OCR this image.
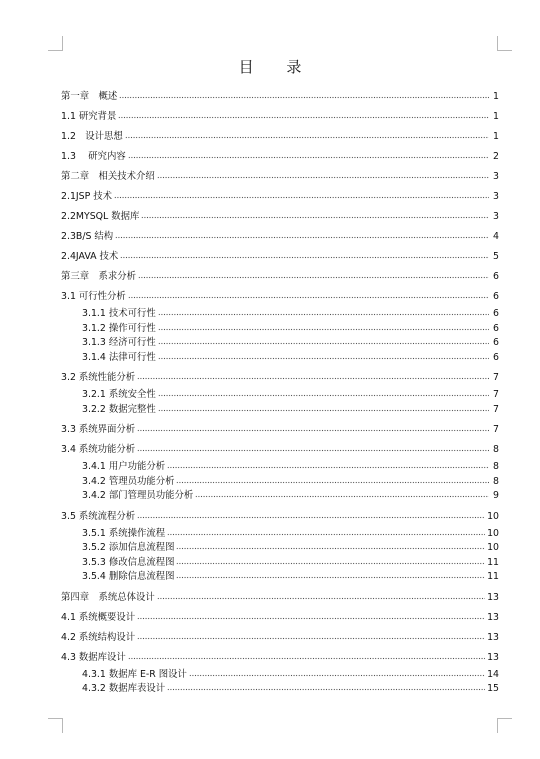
目 录
第一章　概述	1
1.1 研究背景	1
1.2　设计思想	1
1.3　 研究内容	2
第二章　相关技术介绍	3
2.1JSP 技术	3
2.2MYSQL 数据库	3
2.3B/S 结构	4
2.4JAVA 技术	5
第三章　系求分析	6
3.1 可行性分析	6
3.1.1 技术可行性	6
3.1.2 操作可行性	6
3.1.3 经济可行性	6
3.1.4 法律可行性	6
3.2 系统性能分析	7
3.2.1 系统安全性	7
3.2.2 数据完整性	7
3.3 系统界面分析	7
3.4 系统功能分析	8
3.4.1 用户功能分析	8
3.4.2 管理员功能分析	8
3.4.2 部门管理员功能分析	9
3.5 系统流程分析	10
3.5.1 系统操作流程	10
3.5.2 添加信息流程图	10
3.5.3 修改信息流程图	11
3.5.4 删除信息流程图	11
第四章　系统总体设计	13
4.1 系统概要设计	13
4.2 系统结构设计	13
4.3 数据库设计	13
4.3.1 数据库 E-R 图设计	14
4.3.2 数据库表设计	15
